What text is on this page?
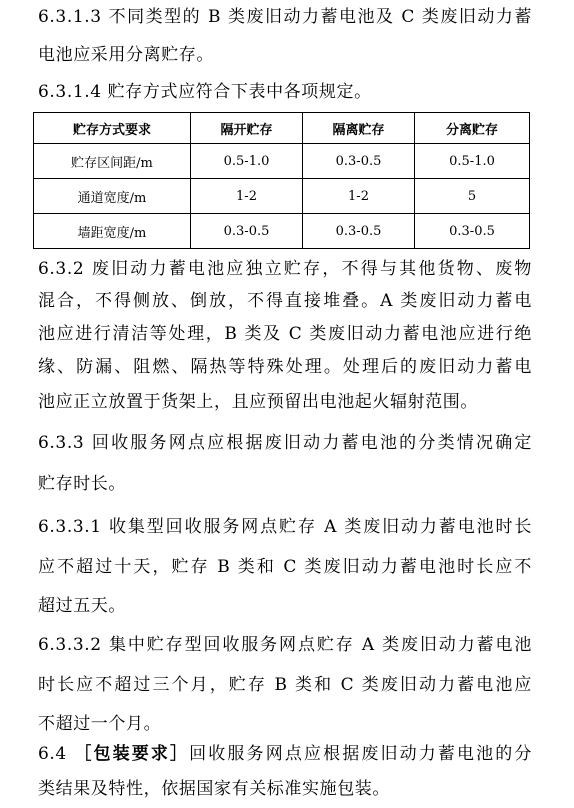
6.3.1.3 不同类型的 B 类废旧动力蓄电池及 C 类废旧动力蓄
电池应采用分离贮存。
6.3.1.4 贮存方式应符合下表中各项规定。
贮存方式要求	隔开贮存	隔离贮存	分离贮存
贮存区间距/m	0.5-1.0	0.3-0.5	0.5-1.0
通道宽度/m	1-2	1-2	5
墙距宽度/m	0.3-0.5	0.3-0.5	0.3-0.5
6.3.2 废旧动力蓄电池应独立贮存，不得与其他货物、废物
混合，不得侧放、倒放，不得直接堆叠。A 类废旧动力蓄电
池应进行清洁等处理，B 类及 C 类废旧动力蓄电池应进行绝
缘、防漏、阻燃、隔热等特殊处理。处理后的废旧动力蓄电
池应正立放置于货架上，且应预留出电池起火辐射范围。
6.3.3 回收服务网点应根据废旧动力蓄电池的分类情况确定
贮存时长。
6.3.3.1 收集型回收服务网点贮存 A 类废旧动力蓄电池时长
应不超过十天，贮存 B 类和 C 类废旧动力蓄电池时长应不
超过五天。
6.3.3.2 集中贮存型回收服务网点贮存 A 类废旧动力蓄电池
时长应不超过三个月，贮存 B 类和 C 类废旧动力蓄电池应
不超过一个月。
6.4 ［包装要求］回收服务网点应根据废旧动力蓄电池的分
类结果及特性，依据国家有关标准实施包装。
